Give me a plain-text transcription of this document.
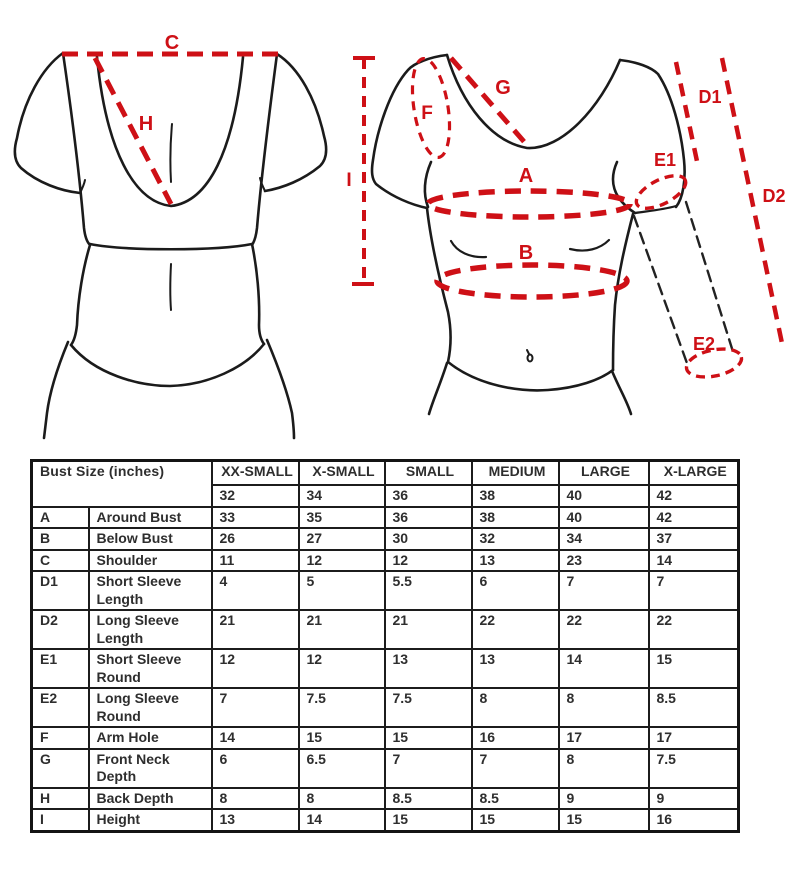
C
H
I
G
F
A
B
E1
E2
D1
D2
Bust Size (inches)		XX-SMALL	X-SMALL	SMALL	MEDIUM	LARGE	X-LARGE
		32	34	36	38	40	42
A	Around Bust	33	35	36	38	40	42
B	Below Bust	26	27	30	32	34	37
C	Shoulder	11	12	12	13	23	14
D1	Short Sleeve Length	4	5	5.5	6	7	7
D2	Long Sleeve Length	21	21	21	22	22	22
E1	Short Sleeve Round	12	12	13	13	14	15
E2	Long Sleeve Round	7	7.5	7.5	8	8	8.5
F	Arm Hole	14	15	15	16	17	17
G	Front Neck Depth	6	6.5	7	7	8	7.5
H	Back Depth	8	8	8.5	8.5	9	9
I	Height	13	14	15	15	15	16
